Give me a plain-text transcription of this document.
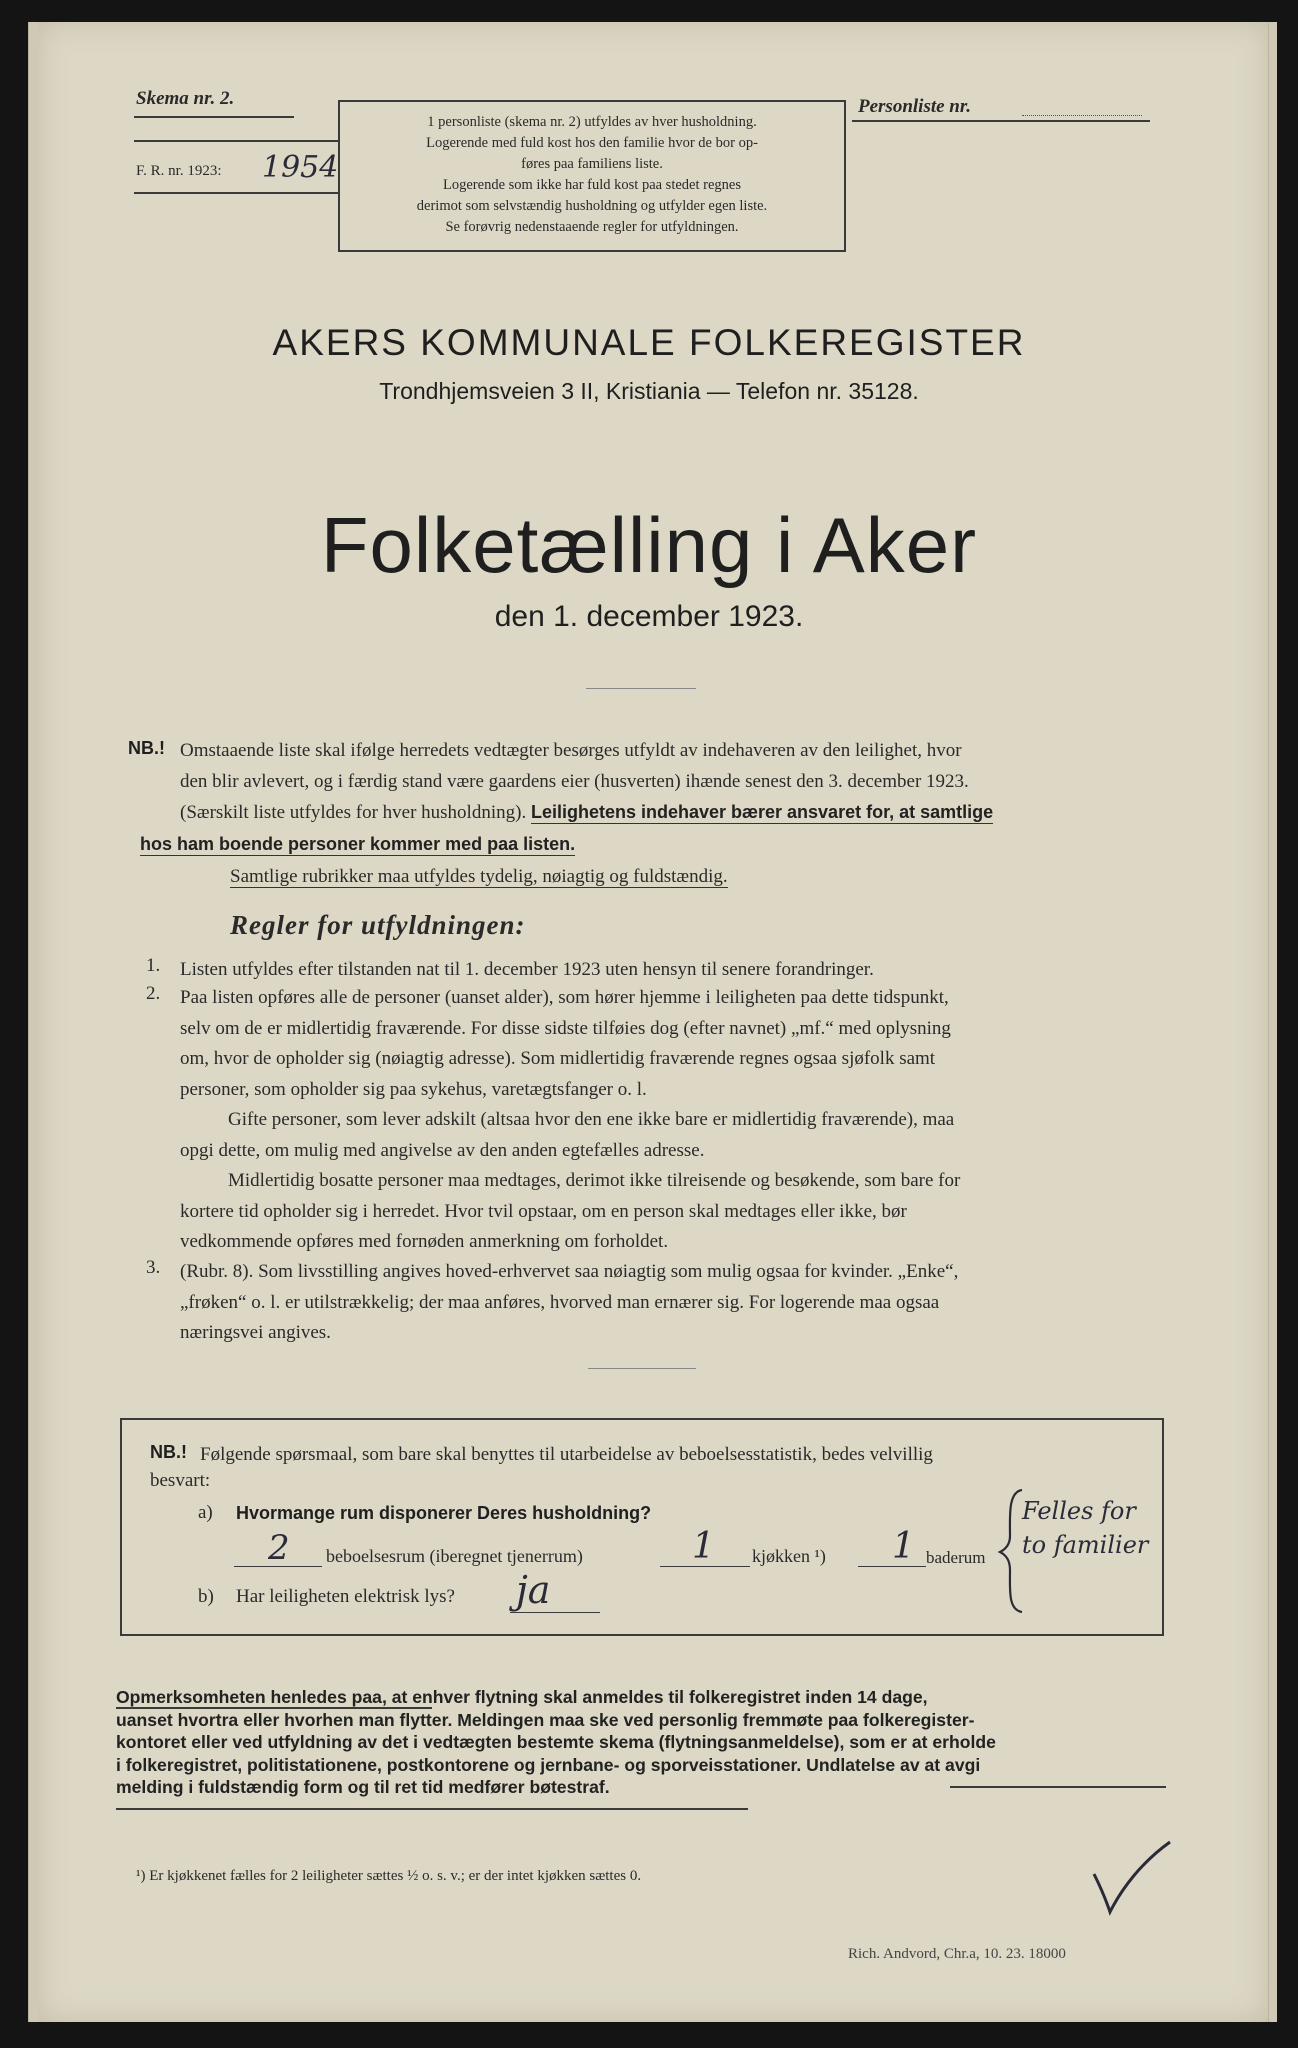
Skema nr. 2.
F. R. nr. 1923: 1954
1 personliste (skema nr. 2) utfyldes av hver husholdning.
Logerende med fuld kost hos den familie hvor de bor op-
føres paa familiens liste.
Logerende som ikke har fuld kost paa stedet regnes
derimot som selvstændig husholdning og utfylder egen liste.
Se forøvrig nedenstaaende regler for utfyldningen.
Personliste nr.
AKERS KOMMUNALE FOLKEREGISTER
Trondhjemsveien 3 II, Kristiania — Telefon nr. 35128.
Folketælling i Aker
den 1. december 1923.
NB.! Omstaaende liste skal ifølge herredets vedtægter besørges utfyldt av indehaveren av den leilighet, hvor

den blir avlevert, og i færdig stand være gaardens eier (husverten) ihænde senest den 3. december 1923.

(Særskilt liste utfyldes for hver husholdning). Leilighetens indehaver bærer ansvaret for, at samtlige

hos ham boende personer kommer med paa listen.

Samtlige rubrikker maa utfyldes tydelig, nøiagtig og fuldstændig.

Regler for utfyldningen:
1. Listen utfyldes efter tilstanden nat til 1. december 1923 uten hensyn til senere forandringer.
2. Paa listen opføres alle de personer (uanset alder), som hører hjemme i leiligheten paa dette tidspunkt,

selv om de er midlertidig fraværende. For disse sidste tilføies dog (efter navnet) „mf.“ med oplysning

om, hvor de opholder sig (nøiagtig adresse). Som midlertidig fraværende regnes ogsaa sjøfolk samt

personer, som opholder sig paa sykehus, varetægtsfanger o. l.

Gifte personer, som lever adskilt (altsaa hvor den ene ikke bare er midlertidig fraværende), maa

opgi dette, om mulig med angivelse av den anden egtefælles adresse.

Midlertidig bosatte personer maa medtages, derimot ikke tilreisende og besøkende, som bare for

kortere tid opholder sig i herredet. Hvor tvil opstaar, om en person skal medtages eller ikke, bør

vedkommende opføres med fornøden anmerkning om forholdet.

3. (Rubr. 8). Som livsstilling angives hoved-erhvervet saa nøiagtig som mulig ogsaa for kvinder. „Enke“,

„frøken“ o. l. er utilstrækkelig; der maa anføres, hvorved man ernærer sig. For logerende maa ogsaa

næringsvei angives.

NB.! Følgende spørsmaal, som bare skal benyttes til utarbeidelse av beboelsesstatistik, bedes velvillig
besvart:
a) Hvormange rum disponerer Deres husholdning?
2 beboelsesrum (iberegnet tjenerrum)	1 kjøkken ¹) 1 baderum
Felles for
to familier
b) Har leiligheten elektrisk lys? ja
Opmerksomheten henledes paa, at enhver flytning skal anmeldes til folkeregistret inden 14 dage,
uanset hvortra eller hvorhen man flytter. Meldingen maa ske ved personlig fremmøte paa folkeregister-
kontoret eller ved utfyldning av det i vedtægten bestemte skema (flytningsanmeldelse), som er at erholde
i folkeregistret, politistationene, postkontorene og jernbane- og sporveisstationer. Undlatelse av at avgi
melding i fuldstændig form og til ret tid medfører bøtestraf.
¹) Er kjøkkenet fælles for 2 leiligheter sættes ½ o. s. v.; er der intet kjøkken sættes 0.
Rich. Andvord, Chr.a, 10. 23. 18000
